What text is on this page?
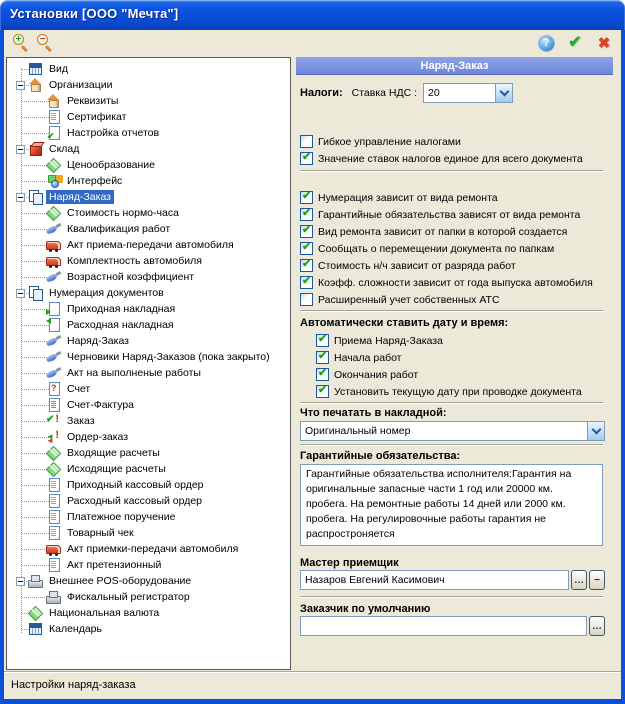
Установки [ООО "Мечта"]
+ −	?	✔ ✖
Вид
Организации
Реквизиты
Сертификат
✔
Настройка отчетов
Склад
Ценообразование
Интерфейс
Наряд-Заказ
Стоимость нормо-часа
Квалификация работ
Акт приема-передачи автомобиля
Комплектность автомобиля
Возрастной коэффициент
Нумерация документов
Приходная накладная
Расходная накладная
Наряд-Заказ
Черновики Наряд-Заказов (пока закрыто)
Акт на выполненые работы
?
Счет
Счет-Фактура
✔ !
Заказ
◄ !
Ордер-заказ
Входящие расчеты
Исходящие расчеты
Приходный кассовый ордер
Расходный кассовый ордер
Платежное поручение
Товарный чек
Акт приемки-передачи автомобиля
Акт претензионный
Внешнее POS-оборудование
Фискальный регистратор
Национальная валюта
Календарь
Наряд-Заказ
Налоги: Ставка НДС :	20
Гибкое управление налогами
✔
Значение ставок налогов единое для всего документа
✔
Нумерация зависит от вида ремонта
✔
Гарантийные обязательства зависят от вида ремонта
✔
Вид ремонта зависит от папки в которой создается
✔
Сообщать о перемещении документа по папкам
✔
Стоимость н/ч зависит от разряда работ
✔
Коэфф. сложности зависит от года выпуска автомобиля
Расширенный учет собственных АТС
Автоматически ставить дату и время:
✔
Приема Наряд-Заказа
✔
Начала работ
✔
Окончания работ
✔
Установить текущую дату при проводке документа
Что печатать в накладной:
Оригинальный номер
Гарантийные обязательства:
Гарантийные обязательства исполнителя:Гарантия на оригинальные запасные части 1 год или 20000 км. пробега. На ремонтные работы 14 дней или 2000 км. пробега. На регулировочные работы гарантия не распростроняется
Мастер приемщик
Назаров Евгений Касимович	… −
Заказчик по умолчанию
…
Настройки наряд-заказа
